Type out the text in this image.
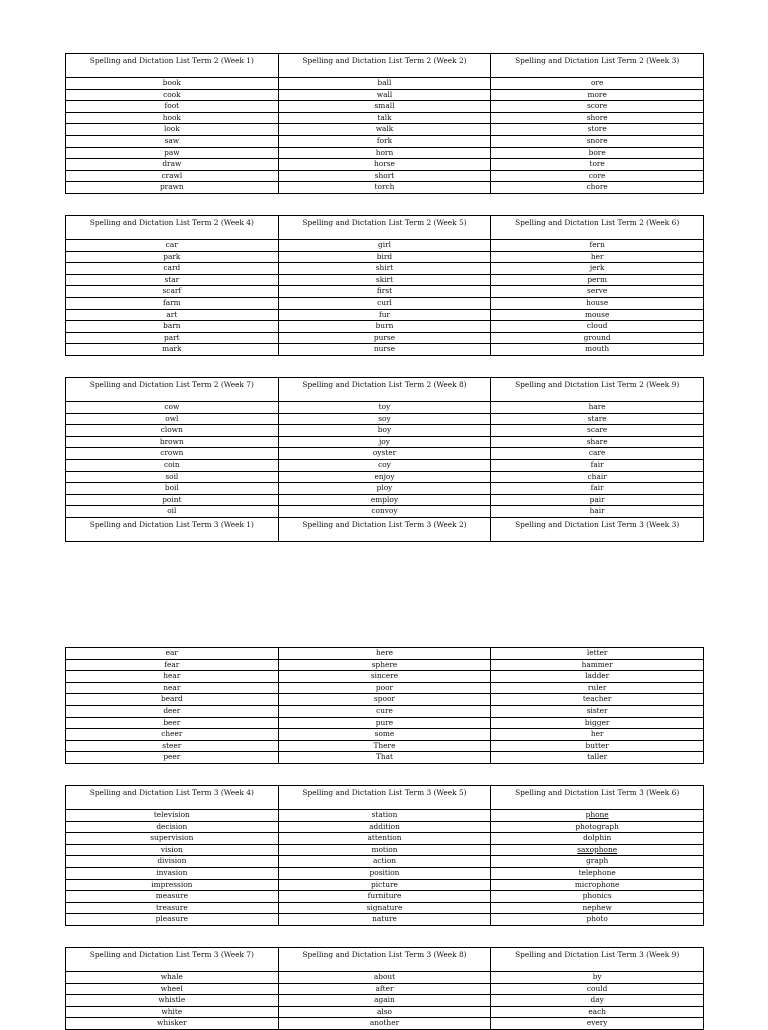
Spelling and Dictation List Term 2 (Week 1)	Spelling and Dictation List Term 2 (Week 2)	Spelling and Dictation List Term 2 (Week 3)
book	ball	ore
cook	wall	more
foot	small	score
hook	talk	shore
look	walk	store
saw	fork	snore
paw	horn	bore
draw	horse	tore
crawl	short	core
prawn	torch	chore
Spelling and Dictation List Term 2 (Week 4)	Spelling and Dictation List Term 2 (Week 5)	Spelling and Dictation List Term 2 (Week 6)
car	girl	fern
park	bird	her
card	shirt	jerk
star	skirt	perm
scarf	first	serve
farm	curl	house
art	fur	mouse
barn	burn	cloud
part	purse	ground
mark	nurse	mouth
Spelling and Dictation List Term 2 (Week 7)	Spelling and Dictation List Term 2 (Week 8)	Spelling and Dictation List Term 2 (Week 9)
cow	toy	hare
owl	soy	stare
clown	boy	scare
brown	joy	share
crown	oyster	care
coin	coy	fair
soil	enjoy	chair
boil	ploy	fair
point	employ	pair
oil	convoy	hair
Spelling and Dictation List Term 3 (Week 1)	Spelling and Dictation List Term 3 (Week 2)	Spelling and Dictation List Term 3 (Week 3)
ear	here	letter
fear	sphere	hammer
hear	sincere	ladder
near	poor	ruler
beard	spoor	teacher
deer	cure	sister
beer	pure	bigger
cheer	some	her
steer	There	butter
peer	That	taller
Spelling and Dictation List Term 3 (Week 4)	Spelling and Dictation List Term 3 (Week 5)	Spelling and Dictation List Term 3 (Week 6)
television	station	phone
decision	addition	photograph
supervision	attention	dolphin
vision	motion	saxophone
division	action	graph
invasion	position	telephone
impression	picture	microphone
measure	furniture	phonics
treasure	signature	nephew
pleasure	nature	photo
Spelling and Dictation List Term 3 (Week 7)	Spelling and Dictation List Term 3 (Week 8)	Spelling and Dictation List Term 3 (Week 9)
whale	about	by
wheel	after	could
whistle	again	day
white	also	each
whisker	another	every
